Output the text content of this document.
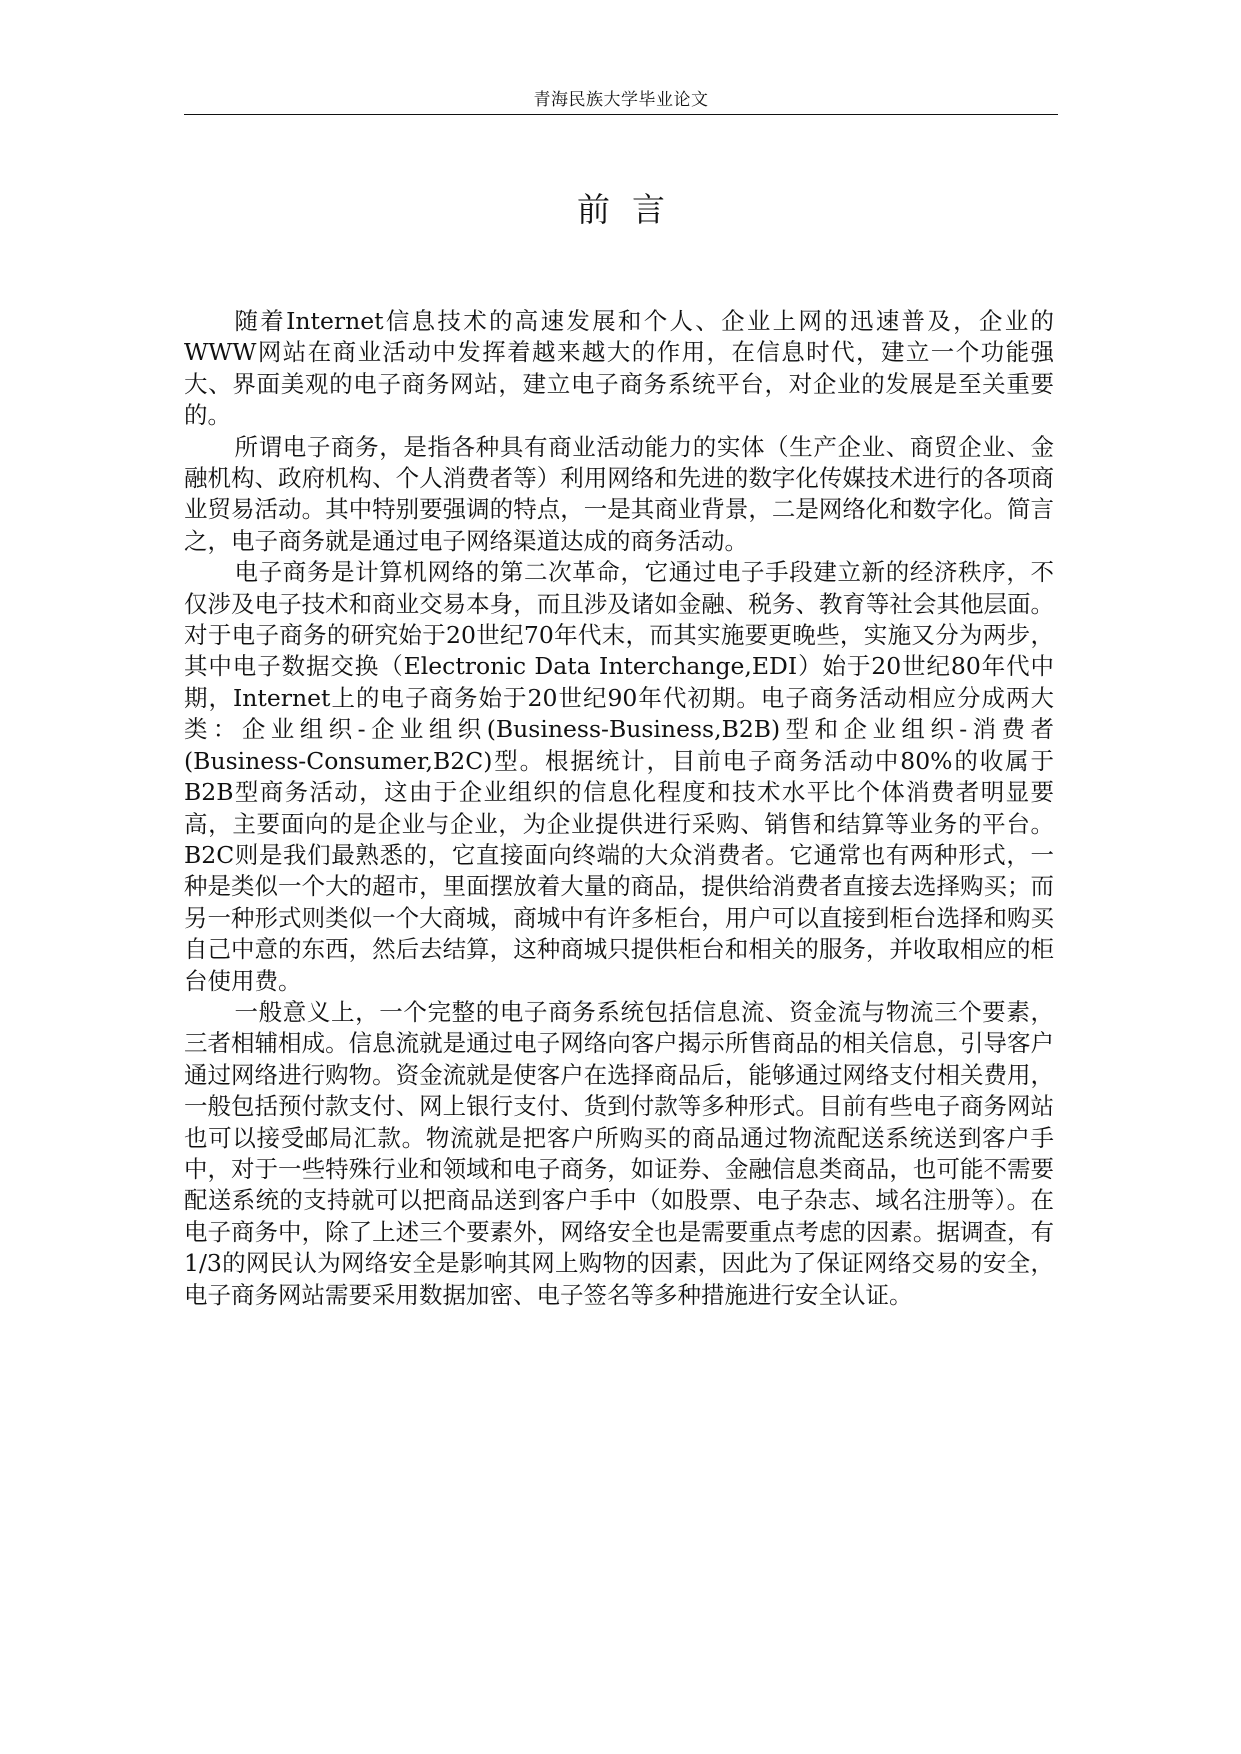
青海民族大学毕业论文
前言

随着Internet信息技术的高速发展和个人、企业上网的迅速普及，企业的WWW网站在商业活动中发挥着越来越大的作用，在信息时代，建立一个功能强大、界面美观的电子商务网站，建立电子商务系统平台，对企业的发展是至关重要的。

所谓电子商务，是指各种具有商业活动能力的实体（生产企业、商贸企业、金融机构、政府机构、个人消费者等）利用网络和先进的数字化传媒技术进行的各项商业贸易活动。其中特别要强调的特点，一是其商业背景，二是网络化和数字化。简言之，电子商务就是通过电子网络渠道达成的商务活动。

电子商务是计算机网络的第二次革命，它通过电子手段建立新的经济秩序，不仅涉及电子技术和商业交易本身，而且涉及诸如金融、税务、教育等社会其他层面。对于电子商务的研究始于20世纪70年代末，而其实施要更晚些，实施又分为两步，其中电子数据交换（Electronic Data Interchange,EDI）始于20世纪80年代中期，Internet上的电子商务始于20世纪90年代初期。电子商务活动相应分成两大类：企业组织-企业组织(Business-Business,B2B)型和企业组织-消费者(Business-Consumer,B2C)型。根据统计，目前电子商务活动中80%的收属于B2B型商务活动，这由于企业组织的信息化程度和技术水平比个体消费者明显要高，主要面向的是企业与企业，为企业提供进行采购、销售和结算等业务的平台。B2C则是我们最熟悉的，它直接面向终端的大众消费者。它通常也有两种形式，一种是类似一个大的超市，里面摆放着大量的商品，提供给消费者直接去选择购买；而另一种形式则类似一个大商城，商城中有许多柜台，用户可以直接到柜台选择和购买自己中意的东西，然后去结算，这种商城只提供柜台和相关的服务，并收取相应的柜台使用费。

一般意义上，一个完整的电子商务系统包括信息流、资金流与物流三个要素，三者相辅相成。信息流就是通过电子网络向客户揭示所售商品的相关信息，引导客户通过网络进行购物。资金流就是使客户在选择商品后，能够通过网络支付相关费用，一般包括预付款支付、网上银行支付、货到付款等多种形式。目前有些电子商务网站也可以接受邮局汇款。物流就是把客户所购买的商品通过物流配送系统送到客户手中，对于一些特殊行业和领域和电子商务，如证券、金融信息类商品，也可能不需要配送系统的支持就可以把商品送到客户手中（如股票、电子杂志、域名注册等）。在电子商务中，除了上述三个要素外，网络安全也是需要重点考虑的因素。据调查，有1/3的网民认为网络安全是影响其网上购物的因素，因此为了保证网络交易的安全，电子商务网站需要采用数据加密、电子签名等多种措施进行安全认证。
